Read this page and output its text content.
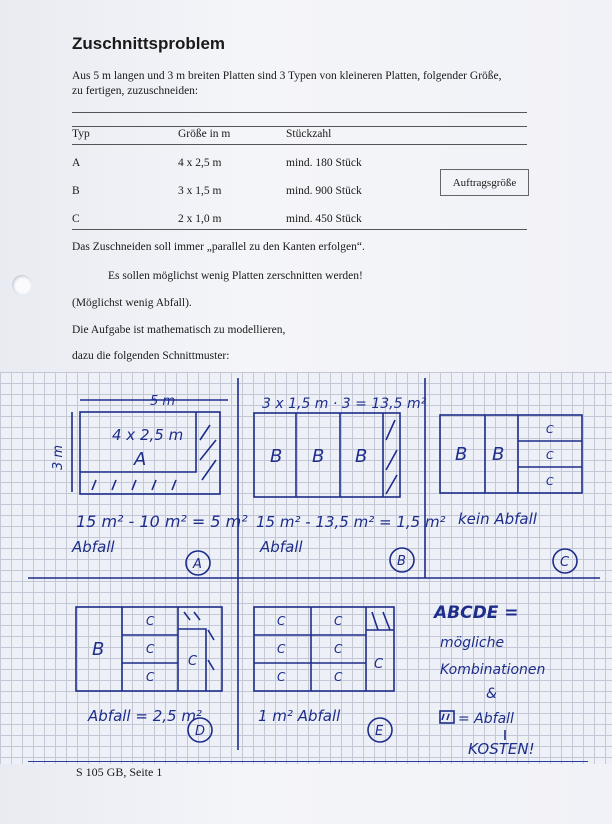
Zuschnittsproblem
Aus 5 m langen und 3 m breiten Platten sind 3 Typen von kleineren Platten, folgender Größe,
zu fertigen, zuzuschneiden:
Typ	Größe in m	Stückzahl
A	4 x 2,5 m	mind. 180 Stück
B	3 x 1,5 m	mind. 900 Stück
C	2 x 1,0 m	mind. 450 Stück
Auftragsgröße
Das Zuschneiden soll immer „parallel zu den Kanten erfolgen“.
Es sollen möglichst wenig Platten zerschnitten werden!
(Möglichst wenig Abfall).
Die Aufgabe ist mathematisch zu modellieren,
dazu die folgenden Schnittmuster:
5 m
3 m
4 x 2,5 m
A
15 m² - 10 m² = 5 m²
Abfall
A
3 x 1,5 m · 3 = 13,5 m²
B B B
15 m² - 13,5 m² = 1,5 m²
Abfall
B
B B
C
C
C
kein Abfall
C
B
C
C
C
C
Abfall = 2,5 m²
D
C	C
C	C
C	C
C
1 m² Abfall
E
ABCDE =
mögliche
Kombinationen
&
= Abfall
KOSTEN!
S 105 GB, Seite 1
